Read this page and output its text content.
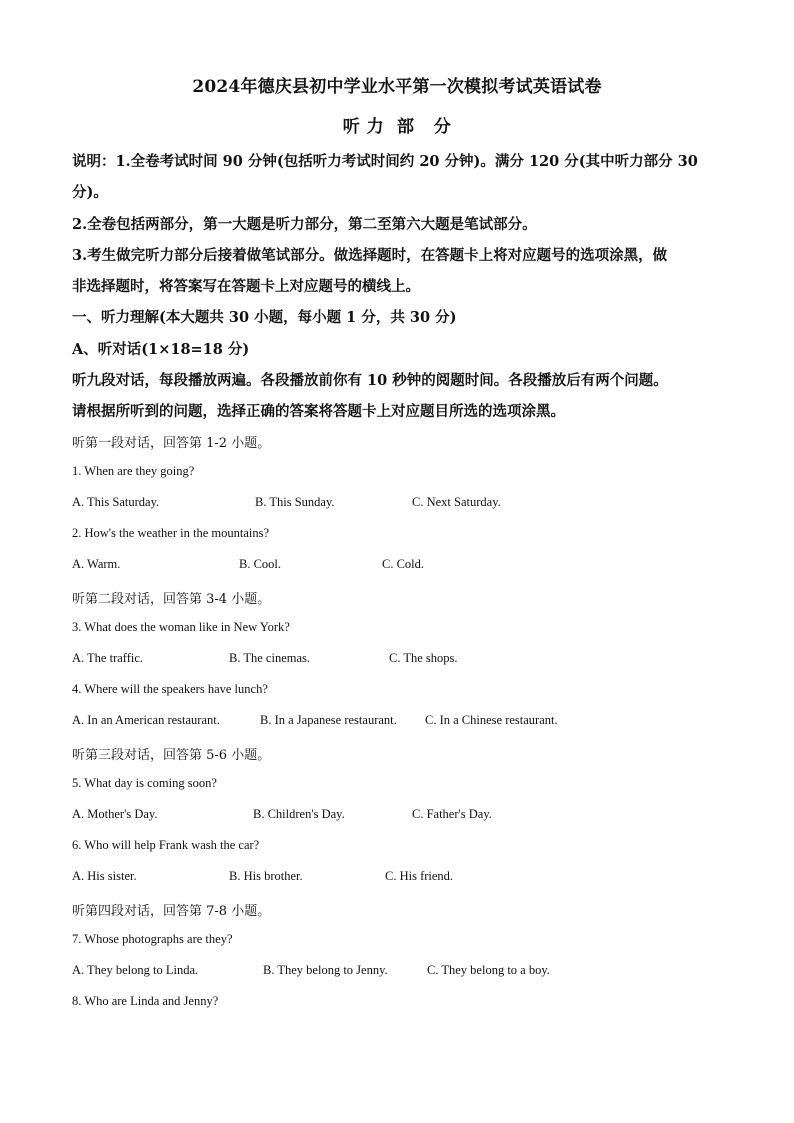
2024年德庆县初中学业水平第一次模拟考试英语试卷
听 力  部   分
说明：1.全卷考试时间 90 分钟(包括听力考试时间约 20 分钟)。满分 120 分(其中听力部分 30
分)。
2.全卷包括两部分，第一大题是听力部分，第二至第六大题是笔试部分。
3.考生做完听力部分后接着做笔试部分。做选择题时，在答题卡上将对应题号的选项涂黑，做
非选择题时，将答案写在答题卡上对应题号的横线上。
一、听力理解(本大题共 30 小题，每小题 1 分，共 30 分)
A、听对话(1×18=18 分)
听九段对话，每段播放两遍。各段播放前你有 10 秒钟的阅题时间。各段播放后有两个问题。
请根据所听到的问题，选择正确的答案将答题卡上对应题目所选的选项涂黑。
听第一段对话，回答第 1-2 小题。
1. When are they going?
A. This Saturday.	B. This Sunday.	C. Next Saturday.
2. How's the weather in the mountains?
A. Warm.	B. Cool.	C. Cold.
听第二段对话，回答第 3-4 小题。
3. What does the woman like in New York?
A. The traffic.	B. The cinemas.	C. The shops.
4. Where will the speakers have lunch?
A. In an American restaurant.	B. In a Japanese restaurant. C. In a Chinese restaurant.
听第三段对话，回答第 5-6 小题。
5. What day is coming soon?
A. Mother's Day.	B. Children's Day.	C. Father's Day.
6. Who will help Frank wash the car?
A. His sister.	B. His brother.	C. His friend.
听第四段对话，回答第 7-8 小题。
7. Whose photographs are they?
A. They belong to Linda.	B. They belong to Jenny.	C. They belong to a boy.
8. Who are Linda and Jenny?
